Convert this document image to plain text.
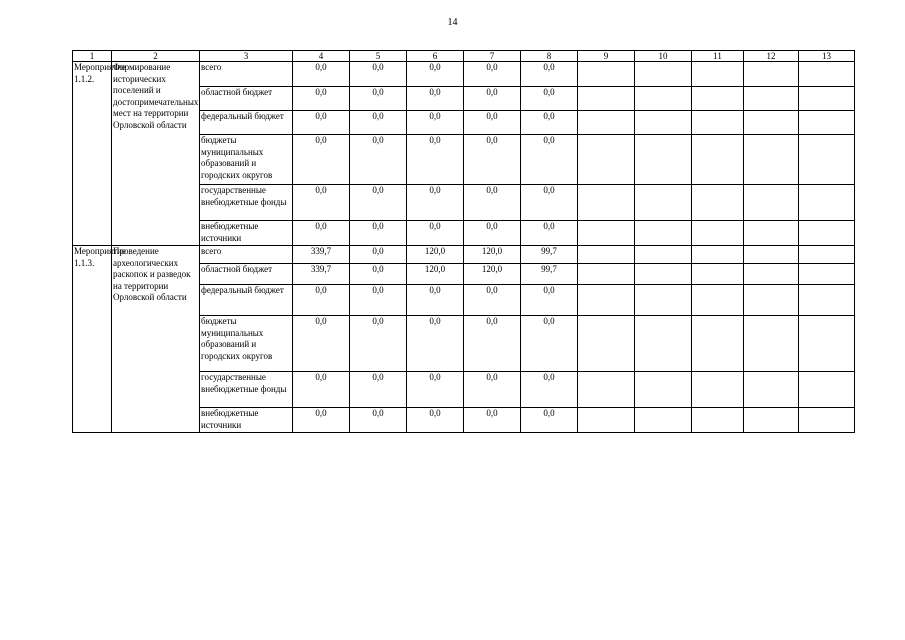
14
1	2	3	4	5	6	7	8	9	10	11	12	13
Мероприятие 1.1.2.	Формирование исторических поселений и достопримечательных мест на территории Орловской области	всего	0,0	0,0	0,0	0,0	0,0					
		областной бюджет	0,0	0,0	0,0	0,0	0,0					
		федеральный бюджет	0,0	0,0	0,0	0,0	0,0					
		бюджеты муниципальных образований и городских округов	0,0	0,0	0,0	0,0	0,0					
		государственные внебюджетные фонды	0,0	0,0	0,0	0,0	0,0					
		внебюджетные источники	0,0	0,0	0,0	0,0	0,0					
Мероприятие 1.1.3.	Проведение археологических раскопок и разведок на территории Орловской области	всего	339,7	0,0	120,0	120,0	99,7					
		областной бюджет	339,7	0,0	120,0	120,0	99,7					
		федеральный бюджет	0,0	0,0	0,0	0,0	0,0					
		бюджеты муниципальных образований и городских округов	0,0	0,0	0,0	0,0	0,0					
		государственные внебюджетные фонды	0,0	0,0	0,0	0,0	0,0					
		внебюджетные источники	0,0	0,0	0,0	0,0	0,0					
